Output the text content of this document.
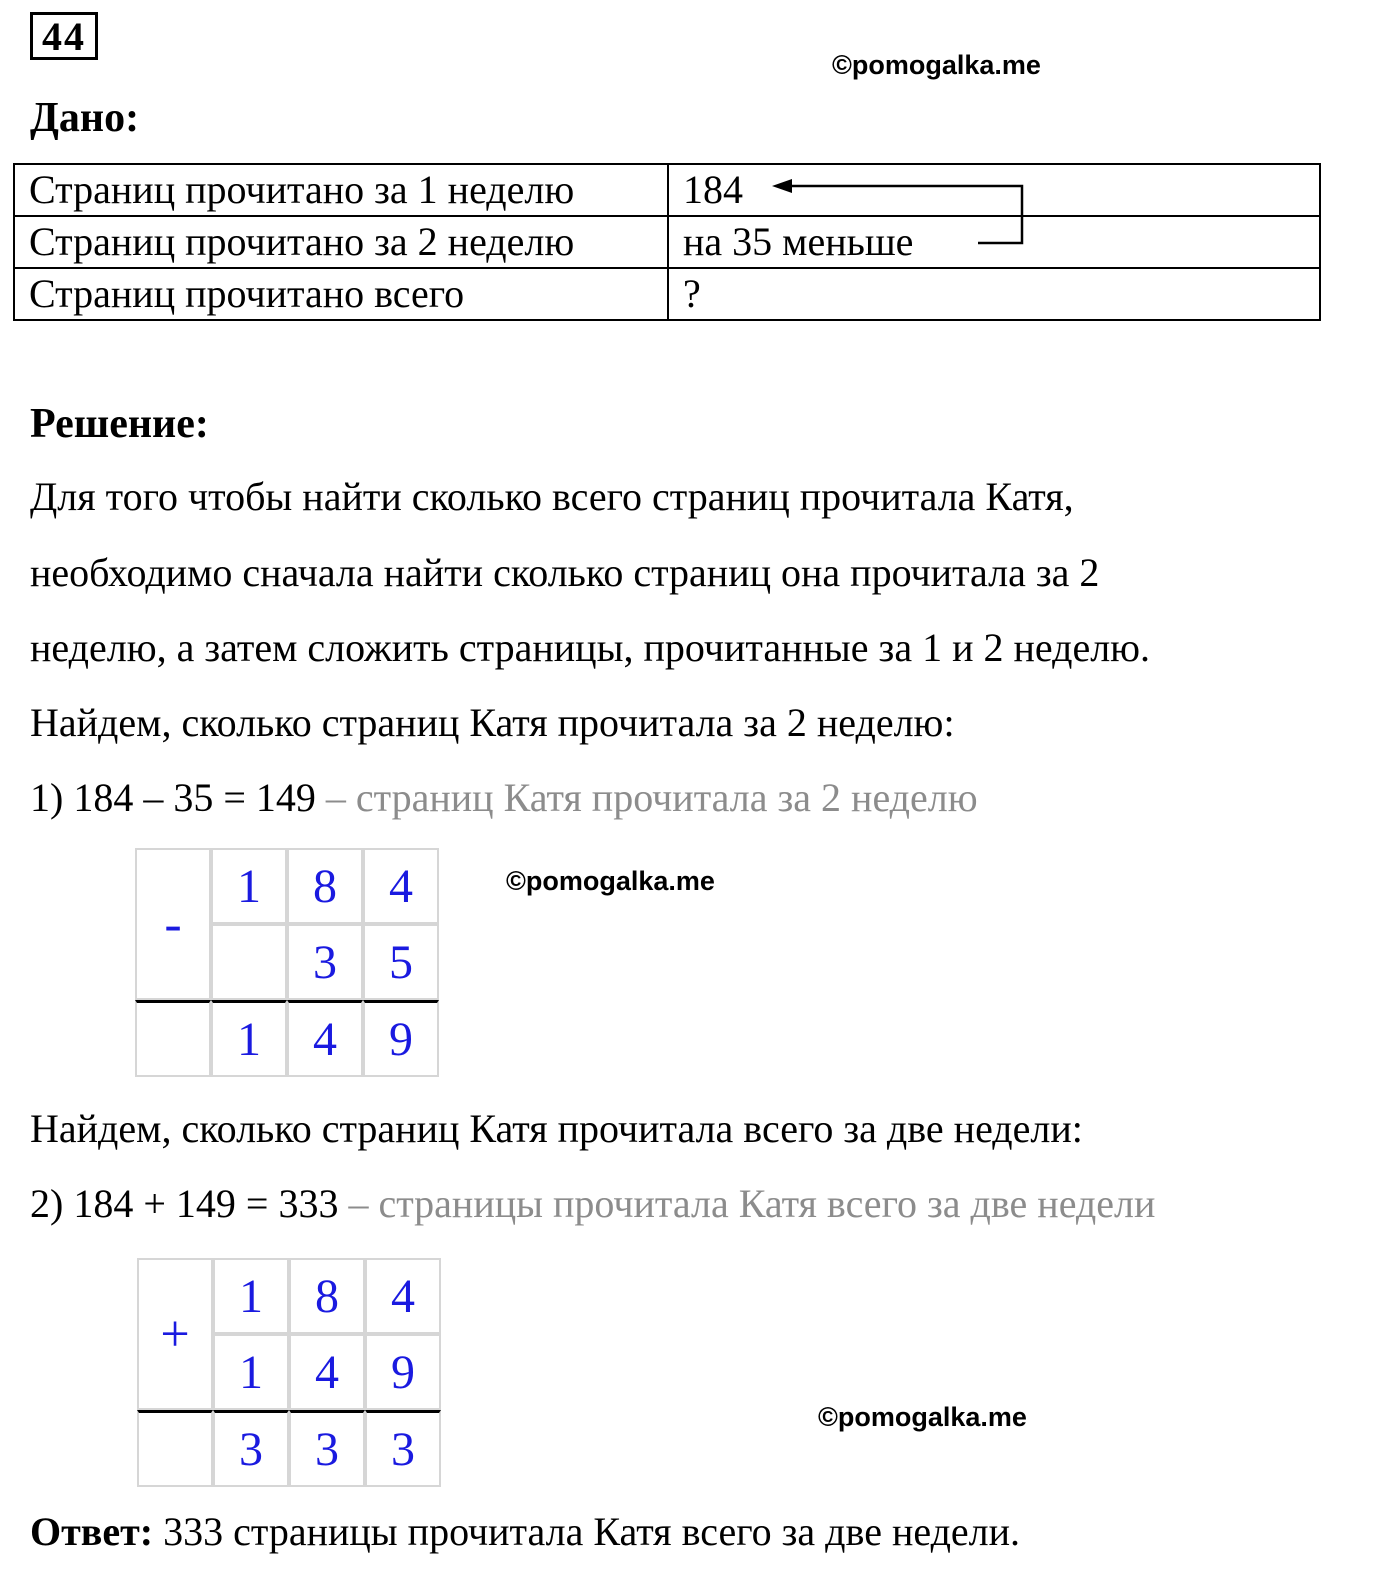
44
©pomogalka.me
Дано:
Страниц прочитано за 1 неделю	184
Страниц прочитано за 2 неделю	на 35 меньше
Страниц прочитано всего	?
Решение:
Для того чтобы найти сколько всего страниц прочитала Катя,
необходимо сначала найти сколько страниц она прочитала за 2
неделю, а затем сложить страницы, прочитанные за 1 и 2 неделю.
Найдем, сколько страниц Катя прочитала за 2 неделю:
1) 184 – 35 = 149 – страниц Катя прочитала за 2 неделю
-	1	8	4
		3	5
	1	4	9
©pomogalka.me
Найдем, сколько страниц Катя прочитала всего за две недели:
2) 184 + 149 = 333 – страницы прочитала Катя всего за две недели
+	1	8	4
	1	4	9
	3	3	3
©pomogalka.me
Ответ: 333 страницы прочитала Катя всего за две недели.
